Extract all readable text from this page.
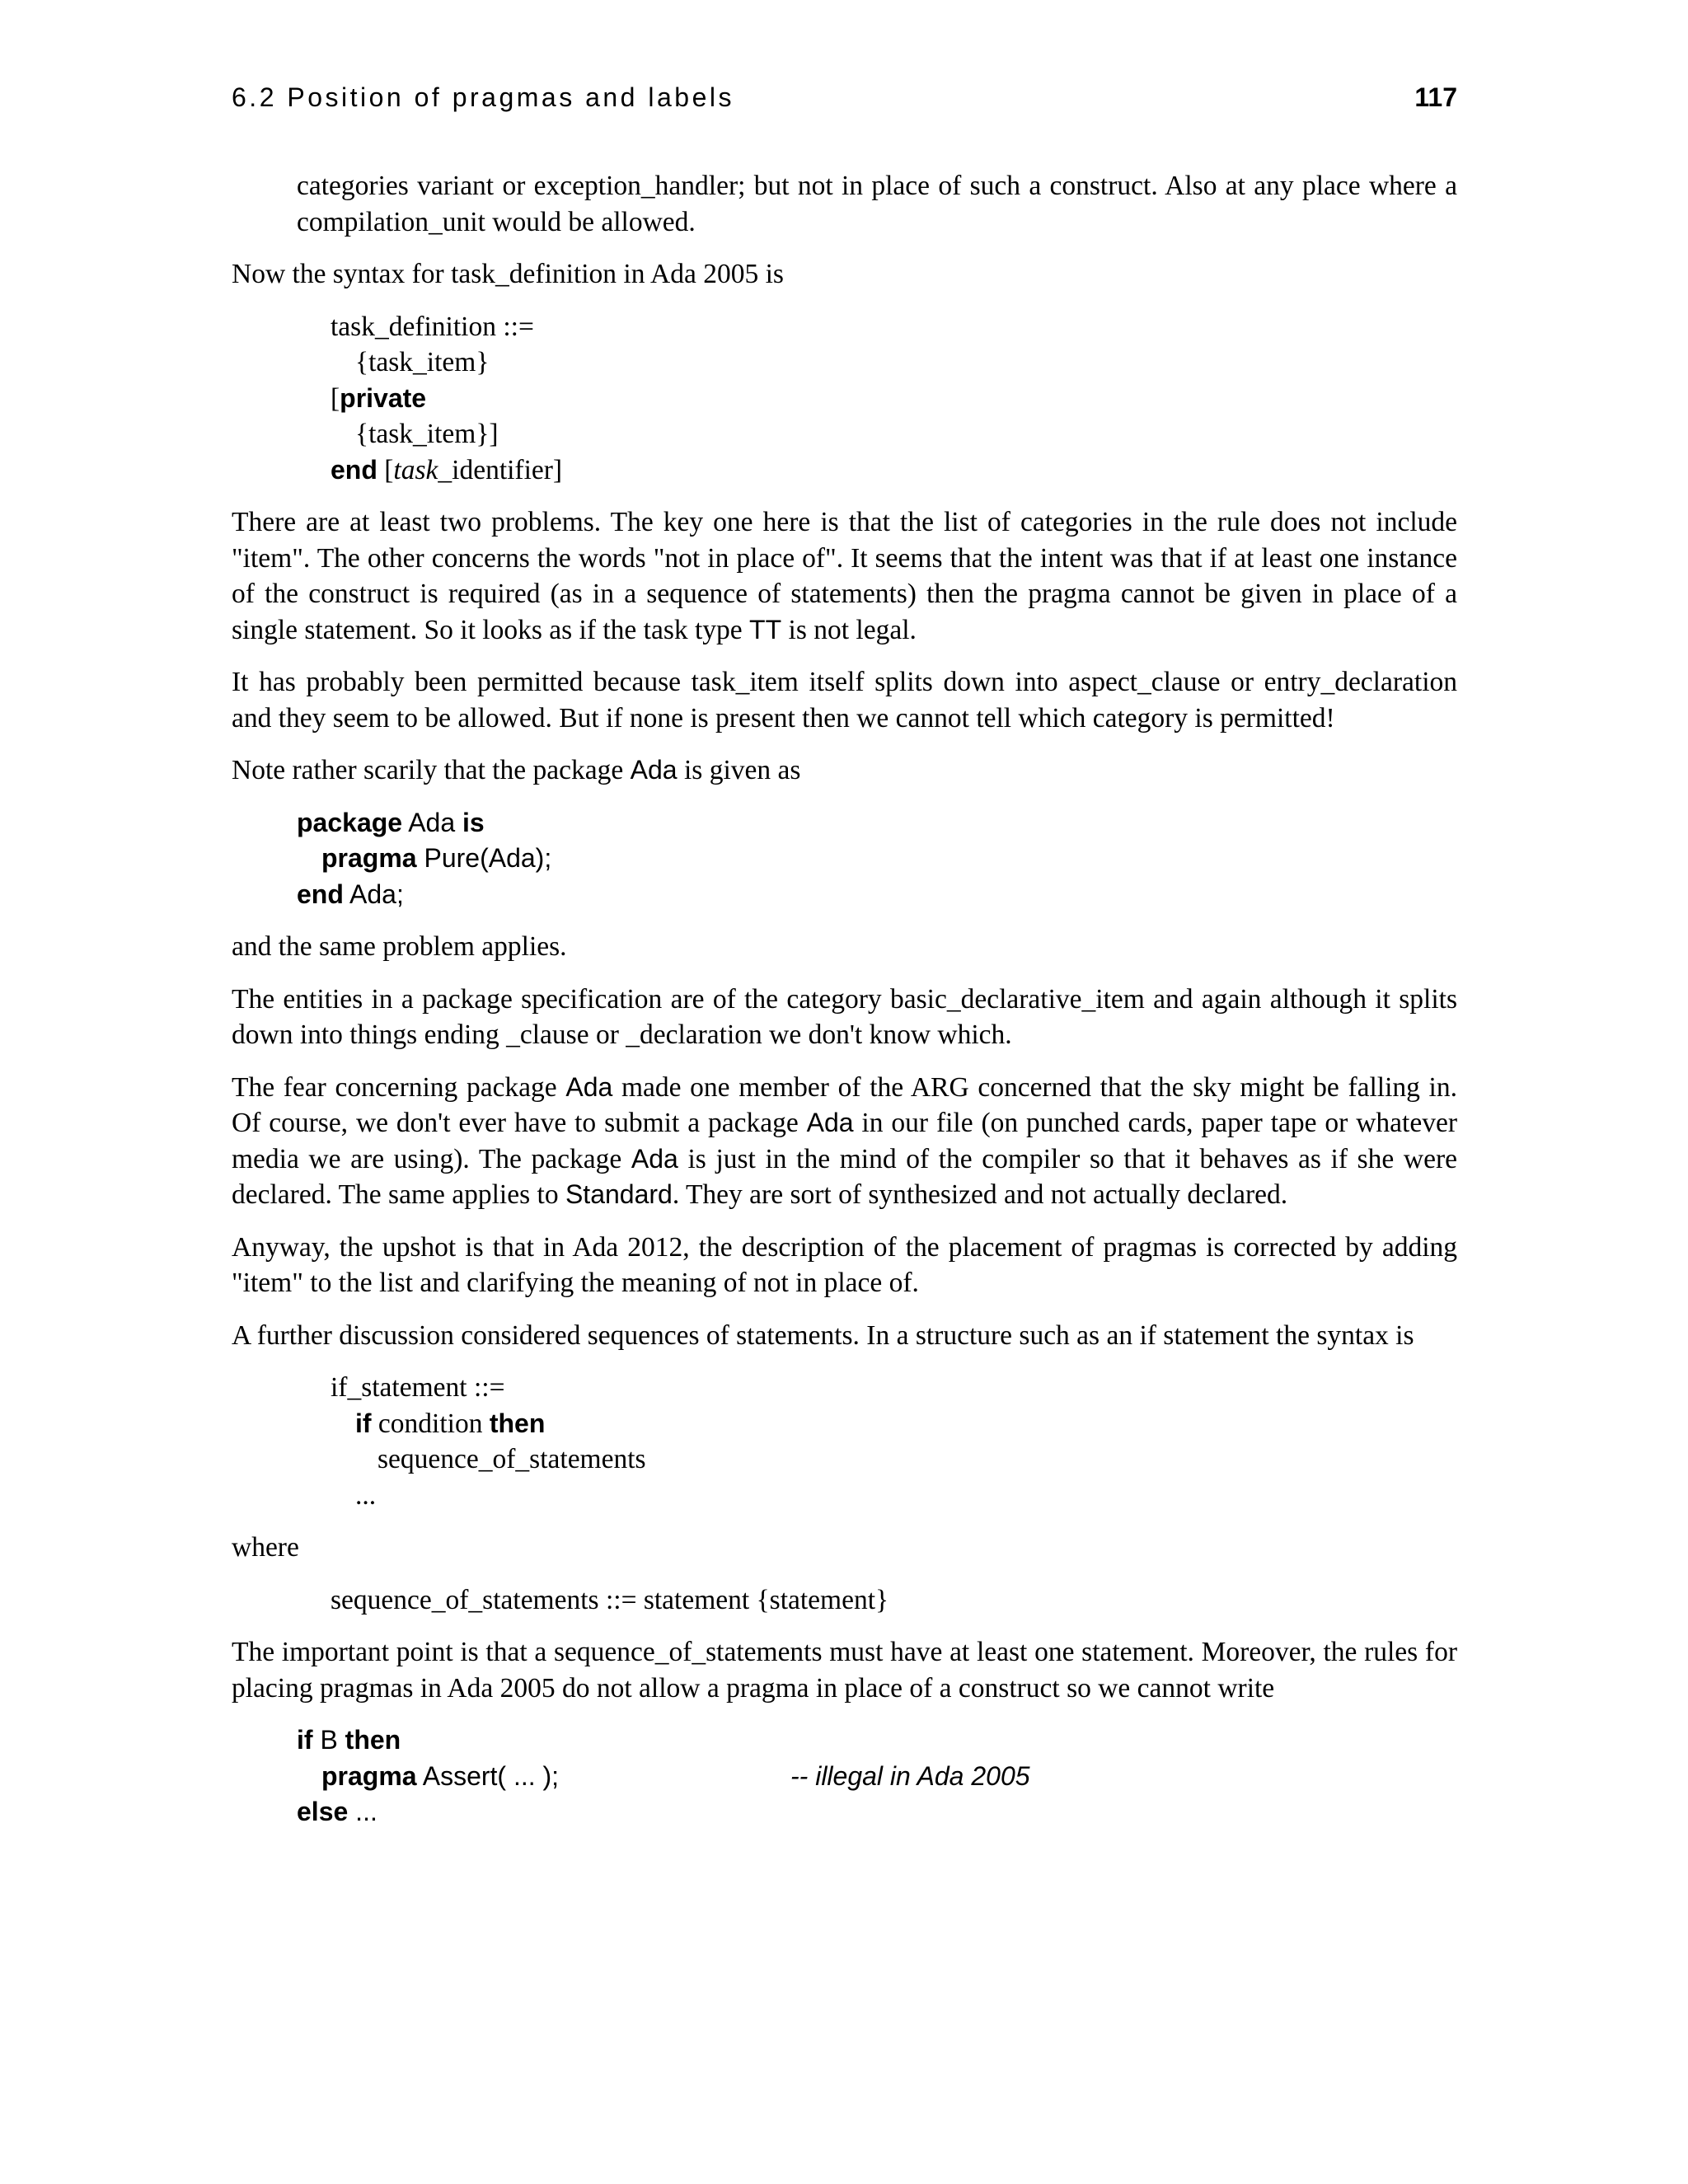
6.2 Position of pragmas and labels	117

categories variant or exception_handler; but not in place of such a construct. Also at any place where a compilation_unit would be allowed.

Now the syntax for task_definition in Ada 2005 is

task_definition ::=
{task_item}
[private
{task_item}]
end [task_identifier]

There are at least two problems. The key one here is that the list of categories in the rule does not include "item". The other concerns the words "not in place of". It seems that the intent was that if at least one instance of the construct is required (as in a sequence of statements) then the pragma cannot be given in place of a single statement. So it looks as if the task type TT is not legal.

It has probably been permitted because task_item itself splits down into aspect_clause or entry_declaration and they seem to be allowed. But if none is present then we cannot tell which category is permitted!

Note rather scarily that the package Ada is given as

package Ada is
pragma Pure(Ada);
end Ada;

and the same problem applies.

The entities in a package specification are of the category basic_declarative_item and again although it splits down into things ending _clause or _declaration we don't know which.

The fear concerning package Ada made one member of the ARG concerned that the sky might be falling in. Of course, we don't ever have to submit a package Ada in our file (on punched cards, paper tape or whatever media we are using). The package Ada is just in the mind of the compiler so that it behaves as if she were declared. The same applies to Standard. They are sort of synthesized and not actually declared.

Anyway, the upshot is that in Ada 2012, the description of the placement of pragmas is corrected by adding "item" to the list and clarifying the meaning of not in place of.

A further discussion considered sequences of statements. In a structure such as an if statement the syntax is

if_statement ::=
if condition then
sequence_of_statements
...

where

sequence_of_statements ::= statement {statement}

The important point is that a sequence_of_statements must have at least one statement. Moreover, the rules for placing pragmas in Ada 2005 do not allow a pragma in place of a construct so we cannot write

if B then
pragma Assert( ... );	-- illegal in Ada 2005
else ...
